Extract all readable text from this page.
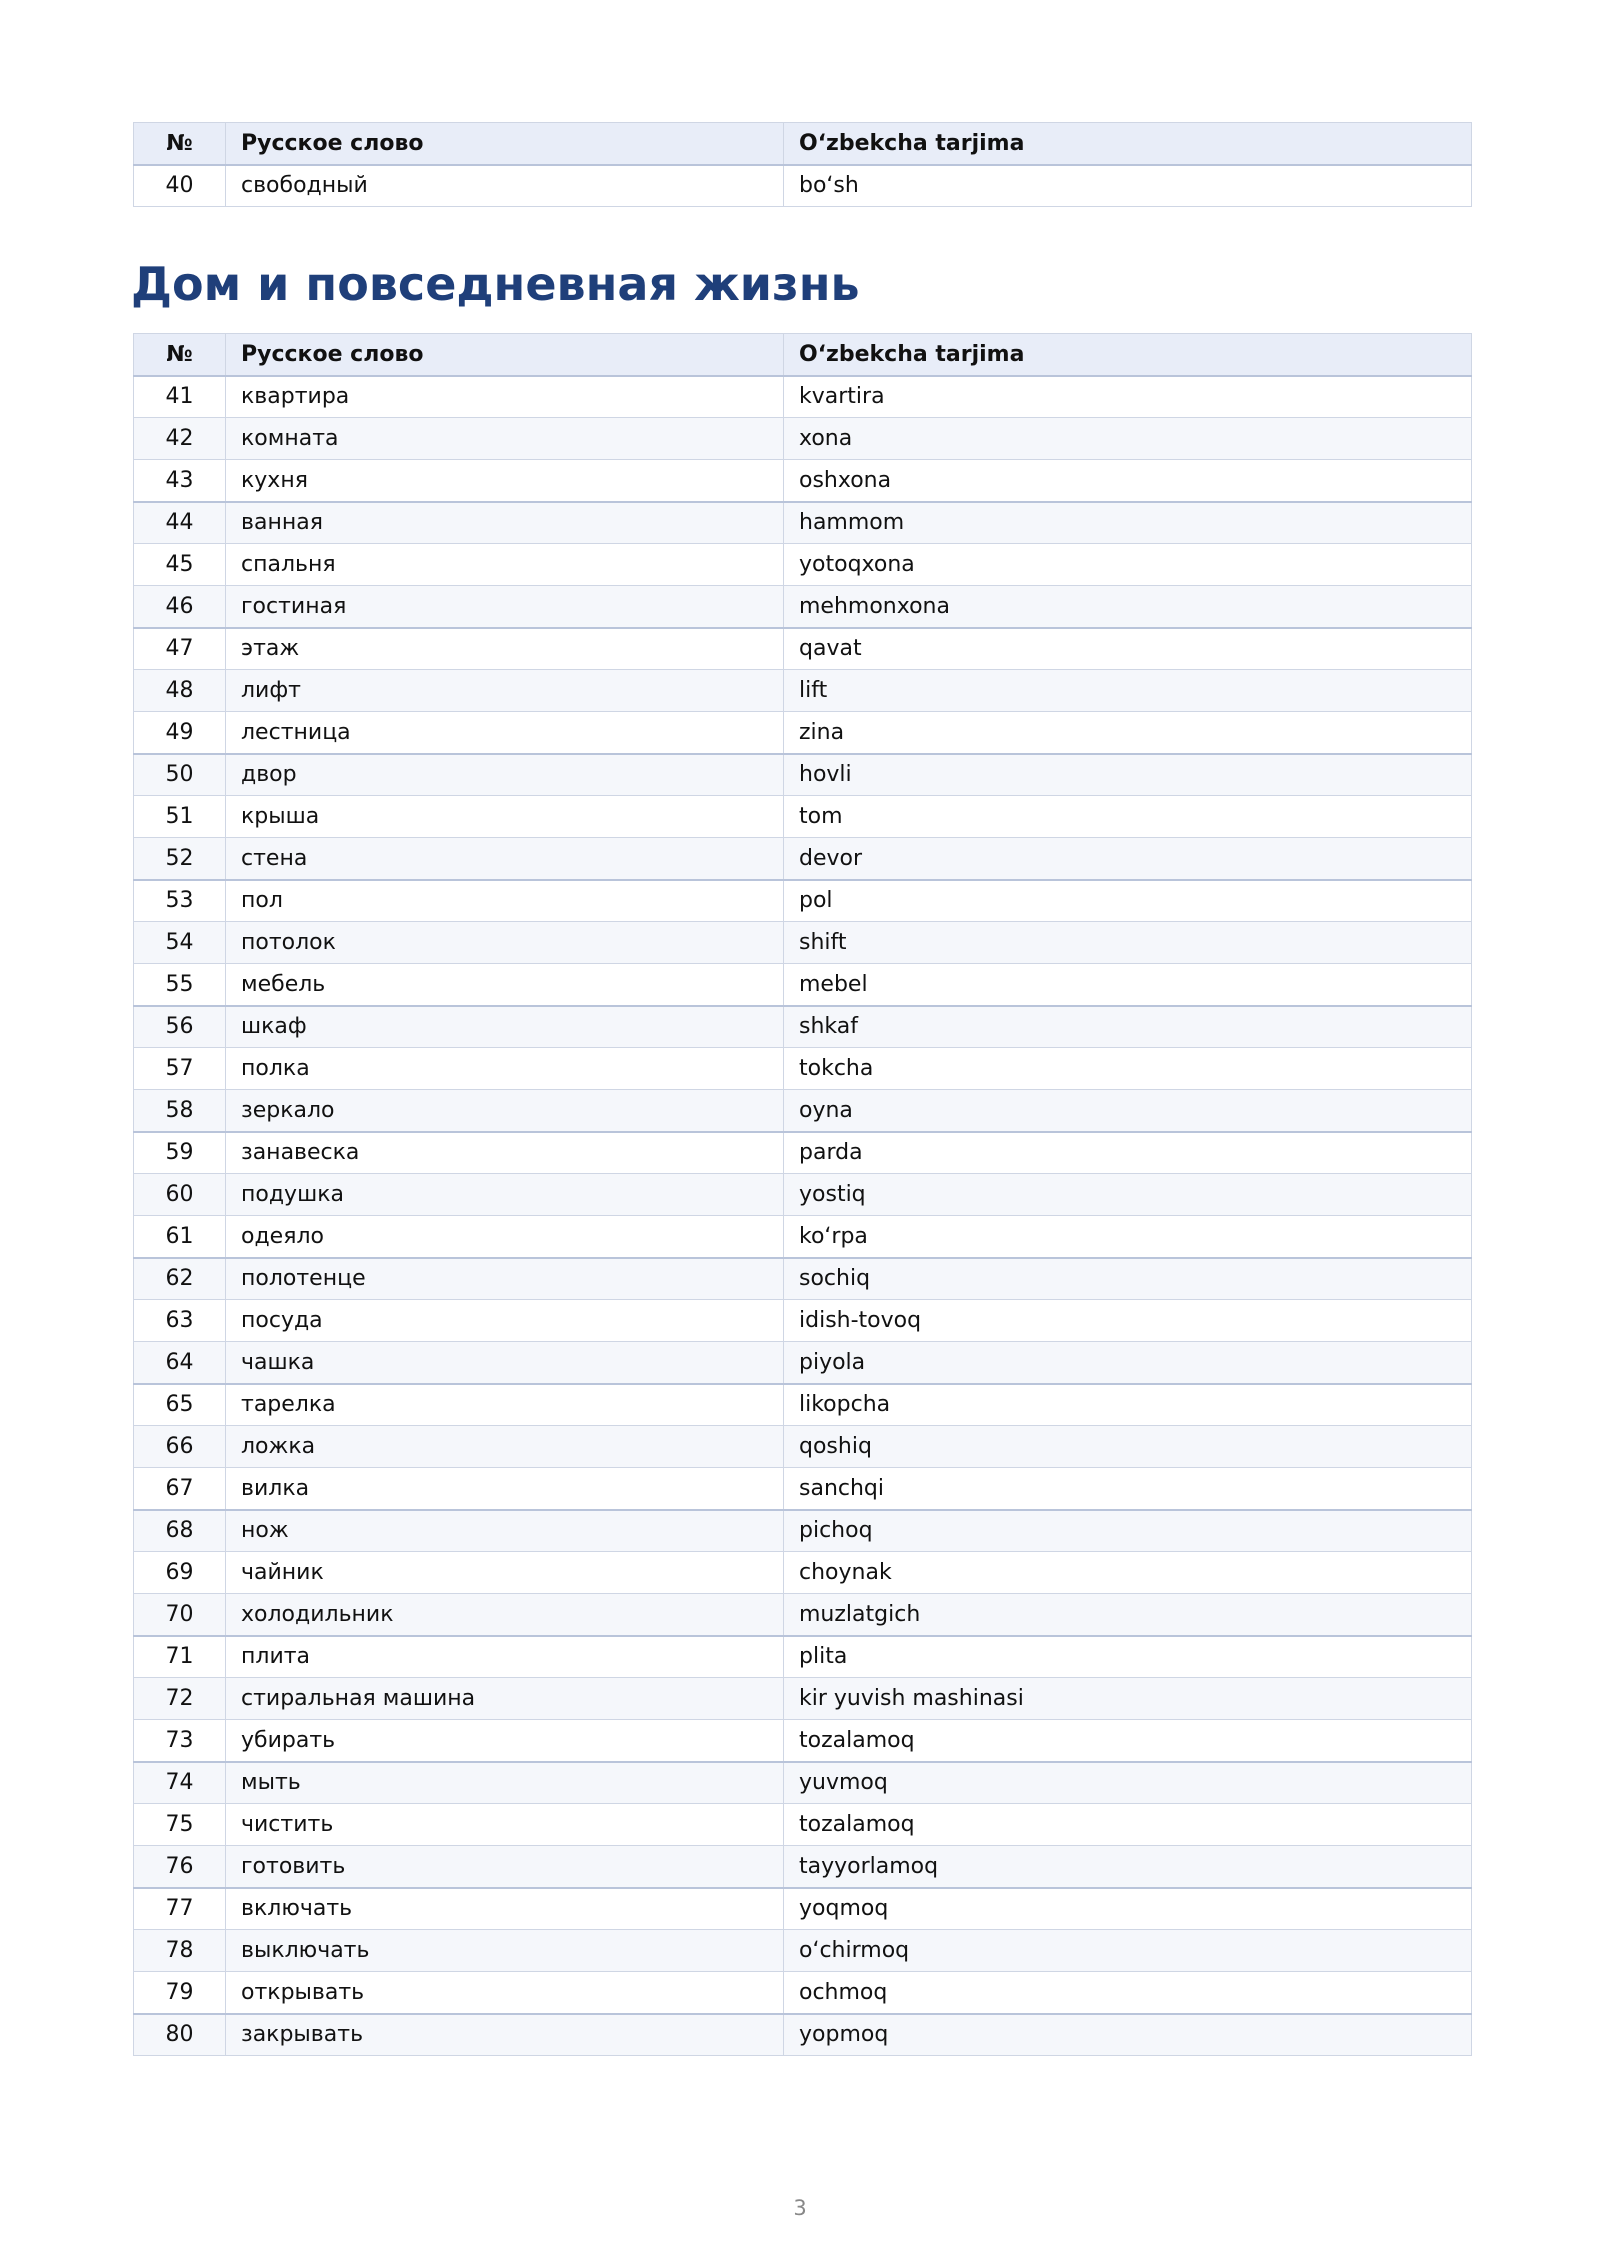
№	Русское слово	Oʻzbekcha tarjima
40	свободный	boʻsh
Дом и повседневная жизнь
№	Русское слово	Oʻzbekcha tarjima
41	квартира	kvartira
42	комната	xona
43	кухня	oshxona
44	ванная	hammom
45	спальня	yotoqxona
46	гостиная	mehmonxona
47	этаж	qavat
48	лифт	lift
49	лестница	zina
50	двор	hovli
51	крыша	tom
52	стена	devor
53	пол	pol
54	потолок	shift
55	мебель	mebel
56	шкаф	shkaf
57	полка	tokcha
58	зеркало	oyna
59	занавеска	parda
60	подушка	yostiq
61	одеяло	koʻrpa
62	полотенце	sochiq
63	посуда	idish-tovoq
64	чашка	piyola
65	тарелка	likopcha
66	ложка	qoshiq
67	вилка	sanchqi
68	нож	pichoq
69	чайник	choynak
70	холодильник	muzlatgich
71	плита	plita
72	стиральная машина	kir yuvish mashinasi
73	убирать	tozalamoq
74	мыть	yuvmoq
75	чистить	tozalamoq
76	готовить	tayyorlamoq
77	включать	yoqmoq
78	выключать	oʻchirmoq
79	открывать	ochmoq
80	закрывать	yopmoq
3
